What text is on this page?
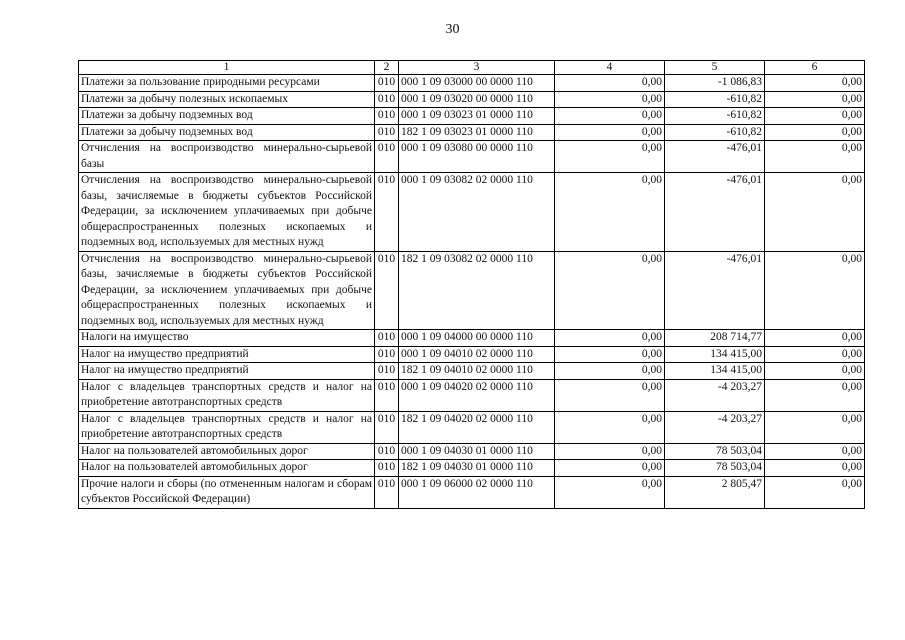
30
1	2	3	4	5	6
Платежи за пользование природными ресурсами	010	000 1 09 03000 00 0000 110	0,00	-1 086,83	0,00
Платежи за добычу полезных ископаемых	010	000 1 09 03020 00 0000 110	0,00	-610,82	0,00
Платежи за добычу подземных вод	010	000 1 09 03023 01 0000 110	0,00	-610,82	0,00
Платежи за добычу подземных вод	010	182 1 09 03023 01 0000 110	0,00	-610,82	0,00
Отчисления на воспроизводство минерально-сырьевой базы	010	000 1 09 03080 00 0000 110	0,00	-476,01	0,00
Отчисления на воспроизводство минерально-сырьевой базы, зачисляемые в бюджеты субъектов Российской Федерации, за исключением уплачиваемых при добыче общераспространенных полезных ископаемых и подземных вод, используемых для местных нужд	010	000 1 09 03082 02 0000 110	0,00	-476,01	0,00
Отчисления на воспроизводство минерально-сырьевой базы, зачисляемые в бюджеты субъектов Российской Федерации, за исключением уплачиваемых при добыче общераспространенных полезных ископаемых и подземных вод, используемых для местных нужд	010	182 1 09 03082 02 0000 110	0,00	-476,01	0,00
Налоги на имущество	010	000 1 09 04000 00 0000 110	0,00	208 714,77	0,00
Налог на имущество предприятий	010	000 1 09 04010 02 0000 110	0,00	134 415,00	0,00
Налог на имущество предприятий	010	182 1 09 04010 02 0000 110	0,00	134 415,00	0,00
Налог с владельцев транспортных средств и налог на приобретение автотранспортных средств	010	000 1 09 04020 02 0000 110	0,00	-4 203,27	0,00
Налог с владельцев транспортных средств и налог на приобретение автотранспортных средств	010	182 1 09 04020 02 0000 110	0,00	-4 203,27	0,00
Налог на пользователей автомобильных дорог	010	000 1 09 04030 01 0000 110	0,00	78 503,04	0,00
Налог на пользователей автомобильных дорог	010	182 1 09 04030 01 0000 110	0,00	78 503,04	0,00
Прочие налоги и сборы (по отмененным налогам и сборам субъектов Российской Федерации)	010	000 1 09 06000 02 0000 110	0,00	2 805,47	0,00
